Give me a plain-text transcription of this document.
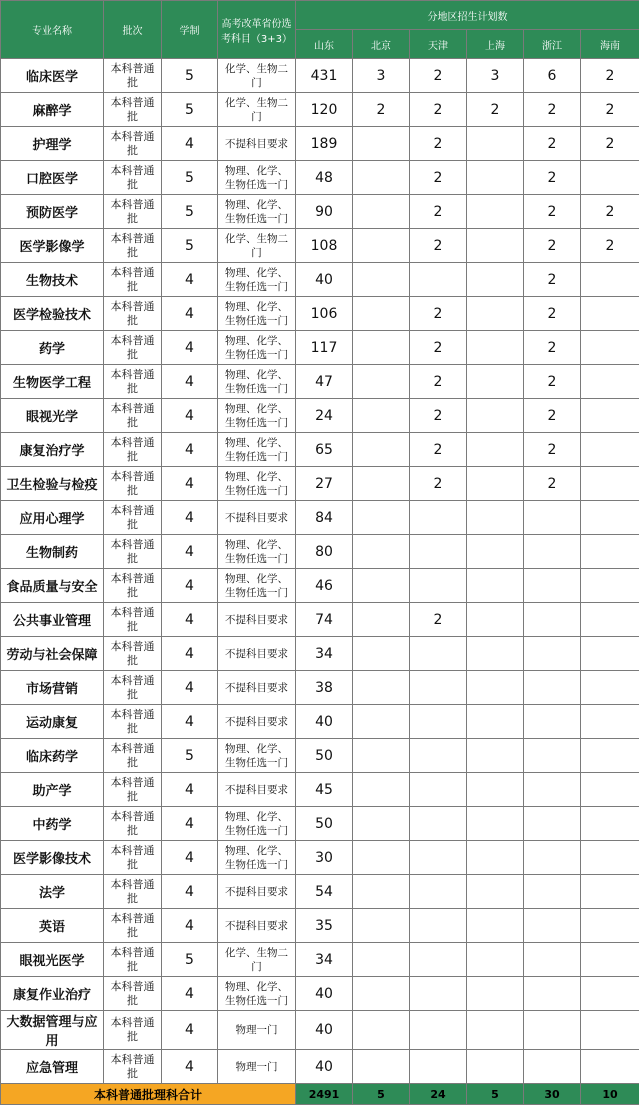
专业名称	批次	学制	高考改革省份选考科目（3+3）	分地区招生计划数					
				山东	北京	天津	上海	浙江	海南

临床医学	本科普通批	5	化学、生物二门	431	3	2	3	6	2

麻醉学	本科普通批	5	化学、生物二门	120	2	2	2	2	2

护理学	本科普通批	4	不提科目要求	189		2		2	2

口腔医学	本科普通批	5	物理、化学、生物任选一门	48		2		2	

预防医学	本科普通批	5	物理、化学、生物任选一门	90		2		2	2

医学影像学	本科普通批	5	化学、生物二门	108		2		2	2

生物技术	本科普通批	4	物理、化学、生物任选一门	40				2	

医学检验技术	本科普通批	4	物理、化学、生物任选一门	106		2		2	

药学	本科普通批	4	物理、化学、生物任选一门	117		2		2	

生物医学工程	本科普通批	4	物理、化学、生物任选一门	47		2		2	

眼视光学	本科普通批	4	物理、化学、生物任选一门	24		2		2	

康复治疗学	本科普通批	4	物理、化学、生物任选一门	65		2		2	

卫生检验与检疫	本科普通批	4	物理、化学、生物任选一门	27		2		2	

应用心理学	本科普通批	4	不提科目要求	84					

生物制药	本科普通批	4	物理、化学、生物任选一门	80					

食品质量与安全	本科普通批	4	物理、化学、生物任选一门	46					

公共事业管理	本科普通批	4	不提科目要求	74		2			

劳动与社会保障	本科普通批	4	不提科目要求	34					

市场营销	本科普通批	4	不提科目要求	38					

运动康复	本科普通批	4	不提科目要求	40					

临床药学	本科普通批	5	物理、化学、生物任选一门	50					

助产学	本科普通批	4	不提科目要求	45					

中药学	本科普通批	4	物理、化学、生物任选一门	50					

医学影像技术	本科普通批	4	物理、化学、生物任选一门	30					

法学	本科普通批	4	不提科目要求	54					

英语	本科普通批	4	不提科目要求	35					

眼视光医学	本科普通批	5	化学、生物二门	34					

康复作业治疗	本科普通批	4	物理、化学、生物任选一门	40					

大数据管理与应用	本科普通批	4	物理一门	40					

应急管理	本科普通批	4	物理一门	40					
本科普通批理科合计				2491	5	24	5	30	10
